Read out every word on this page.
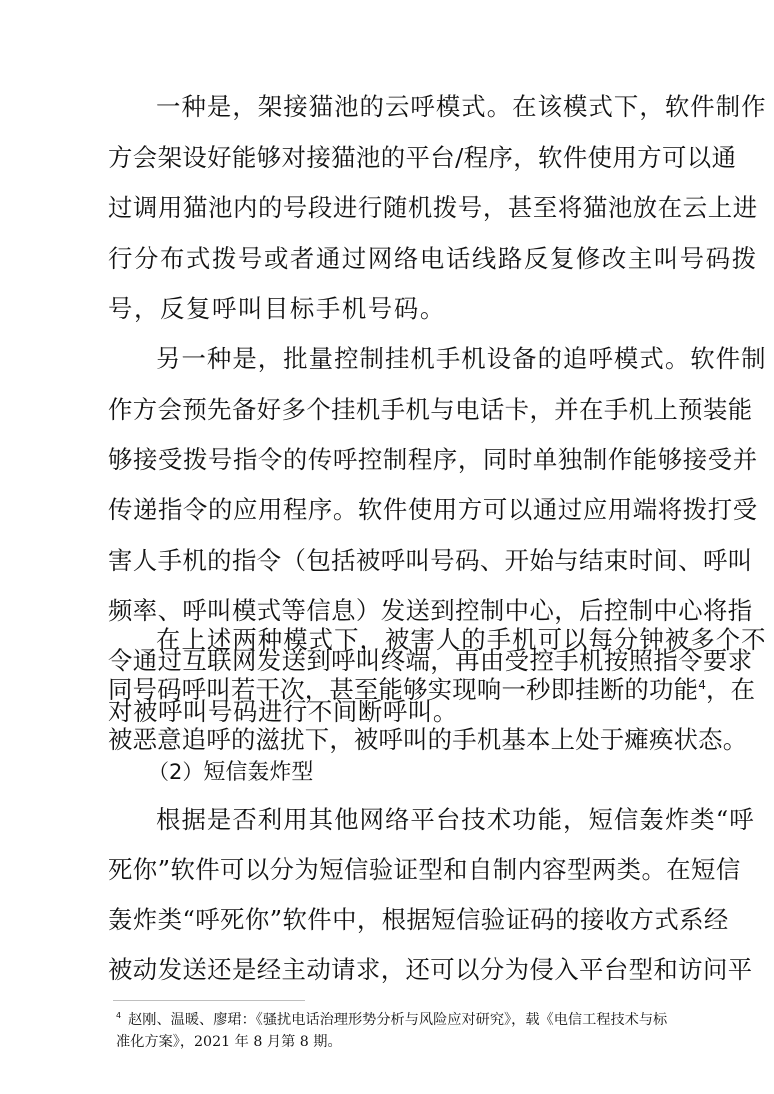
一种是，架接猫池的云呼模式。在该模式下，软件制作
方会架设好能够对接猫池的平台/程序，软件使用方可以通
过调用猫池内的号段进行随机拨号，甚至将猫池放在云上进
行分布式拨号或者通过网络电话线路反复修改主叫号码拨
号，反复呼叫目标手机号码。
另一种是，批量控制挂机手机设备的追呼模式。软件制
作方会预先备好多个挂机手机与电话卡，并在手机上预装能
够接受拨号指令的传呼控制程序，同时单独制作能够接受并
传递指令的应用程序。软件使用方可以通过应用端将拨打受
害人手机的指令（包括被呼叫号码、开始与结束时间、呼叫
频率、呼叫模式等信息）发送到控制中心，后控制中心将指
令通过互联网发送到呼叫终端，再由受控手机按照指令要求
对被呼叫号码进行不间断呼叫。
在上述两种模式下，被害人的手机可以每分钟被多个不
同号码呼叫若干次，甚至能够实现响一秒即挂断的功能$^4$，在
被恶意追呼的滋扰下，被呼叫的手机基本上处于瘫痪状态。
（2）短信轰炸型
根据是否利用其他网络平台技术功能，短信轰炸类“呼
死你”软件可以分为短信验证型和自制内容型两类。在短信
轰炸类“呼死你”软件中，根据短信验证码的接收方式系经
被动发送还是经主动请求，还可以分为侵入平台型和访问平
$^4$ 赵刚、温暖、廖珺：《骚扰电话治理形势分析与风险应对研究》，载《电信工程技术与标
准化方案》，2021 年 8 月第 8 期。
